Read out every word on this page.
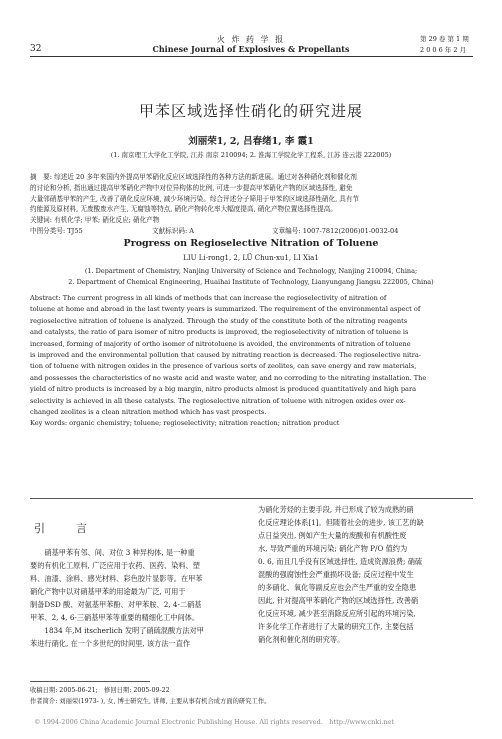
32
火 炸 药 学 报
Chinese Journal of Explosives & Propellants
第 29 卷 第 1 期
2 0 0 6 年 2 月
甲苯区域选择性硝化的研究进展
刘丽荣1, 2, 吕春绪1, 李 霞1
(1. 南京理工大学化工学院, 江苏 南京 210094; 2. 淮海工学院化学工程系, 江苏 连云港 222005)
摘　要: 综述近 20 多年来国内外提高甲苯硝化反应区域选择性的各种方法的新进展。通过对各种硝化剂和催化剂
的讨论和分析, 指出通过提高甲苯硝化产物中对位异构体的比例, 可进一步提高甲苯硝化产物的区域选择性, 避免
大量邻硝基甲苯的产生, 改善了硝化反应环境, 减少环境污染。综合评述分子筛用于甲苯的区域选择性硝化, 具有节
约能源及原材料, 无废酸废水产生, 无腐蚀等特点, 硝化产物转化率大幅度提高, 硝化产物位置选择性提高。
关键词: 有机化学; 甲苯; 硝化反应; 硝化产物
中图分类号: TJ55	文献标识码: A	文章编号: 1007-7812(2006)01-0032-04
Progress on Regioselective Nitration of Toluene
LIU Li-rong1, 2, LÜ Chun-xu1, LI Xia1
(1. Department of Chemistry, Nanjing University of Science and Technology, Nanjing 210094, China;
2. Department of Chemical Engineering, Huaihai Institute of Technology, Lianyungang Jiangsu 222005, China)
Abstract: The current progress in all kinds of methods that can increase the regioselectivity of nitration of
toluene at home and abroad in the last twenty years is summarized. The requirement of the environmental aspect of
regioselective nitration of toluene is analyzed. Through the study of the constitute both of the nitrating reagents
and catalysts, the ratio of para isomer of nitro products is improved, the regioselectivity of nitration of toluene is
increased, forming of majority of ortho isomer of nitrotoluene is avoided, the environments of nitration of toluene
is improved and the environmental pollution that caused by nitrating reaction is decreased. The regioselective nitra-
tion of toluene with nitrogen oxides in the presence of various sorts of zeolites, can save energy and raw materials,
and possesses the characteristics of no waste acid and waste water, and no corroding to the nitrating installation. The
yield of nitro products is increased by a big margin, nitro products almost is produced quantitatively and high para
selectivity is achieved in all these catalysts. The regioselective nitration of toluene with nitrogen oxides over ex-
changed zeolites is a clean nitration method which has vast prospects.
Key words: organic chemistry; toluene; regioselectivity; nitration reaction; nitration product
引　言
　　硝基甲苯有邻、间、对位 3 种异构体, 是一种重
要的有机化工原料, 广泛应用于农药、医药、染料、塑
料、油漆、涂料、感光材料、彩色胶片显影等。在甲苯
硝化产物中以对硝基甲苯的用途最为广泛, 可用于
制备DSD 酸、对氨基甲苯酚、对甲苯胺、2, 4-二硝基
甲苯、2, 4, 6-三硝基甲苯等重要的精细化工中间体。
　　1834 年,M itscherlich 发明了硝硫混酸方法对甲
苯进行硝化, 在一个多世纪的时间里, 该方法一直作
为硝化芳烃的主要手段, 并已形成了较为成熟的硝
化反应理论体系[1]。但随着社会的进步, 该工艺的缺
点日益突出, 例如产生大量的废酸和有机酸性废
水, 导致严重的环境污染; 硝化产物 P/O 值约为
0. 6, 而且几乎没有区域选择性, 造成资源浪费; 硝硫
混酸的强腐蚀性会严重损坏设备; 反应过程中发生
的多硝化、氧化等副反应也会产生严重的安全隐患
因此, 针对提高甲苯硝化产物的区域选择性, 改善硝
化反应环境, 减少甚至消除反应所引起的环境污染,
许多化学工作者进行了大量的研究工作, 主要包括
硝化剂和催化剂的研究等。
收稿日期: 2005-06-21;　修回日期: 2005-09-22
作者简介: 刘丽荣(1973- ), 女, 博士研究生, 讲师, 主要从事有机合成方面的研究工作。
© 1994-2006 China Academic Journal Electronic Publishing House. All rights reserved.　http://www.cnki.net
